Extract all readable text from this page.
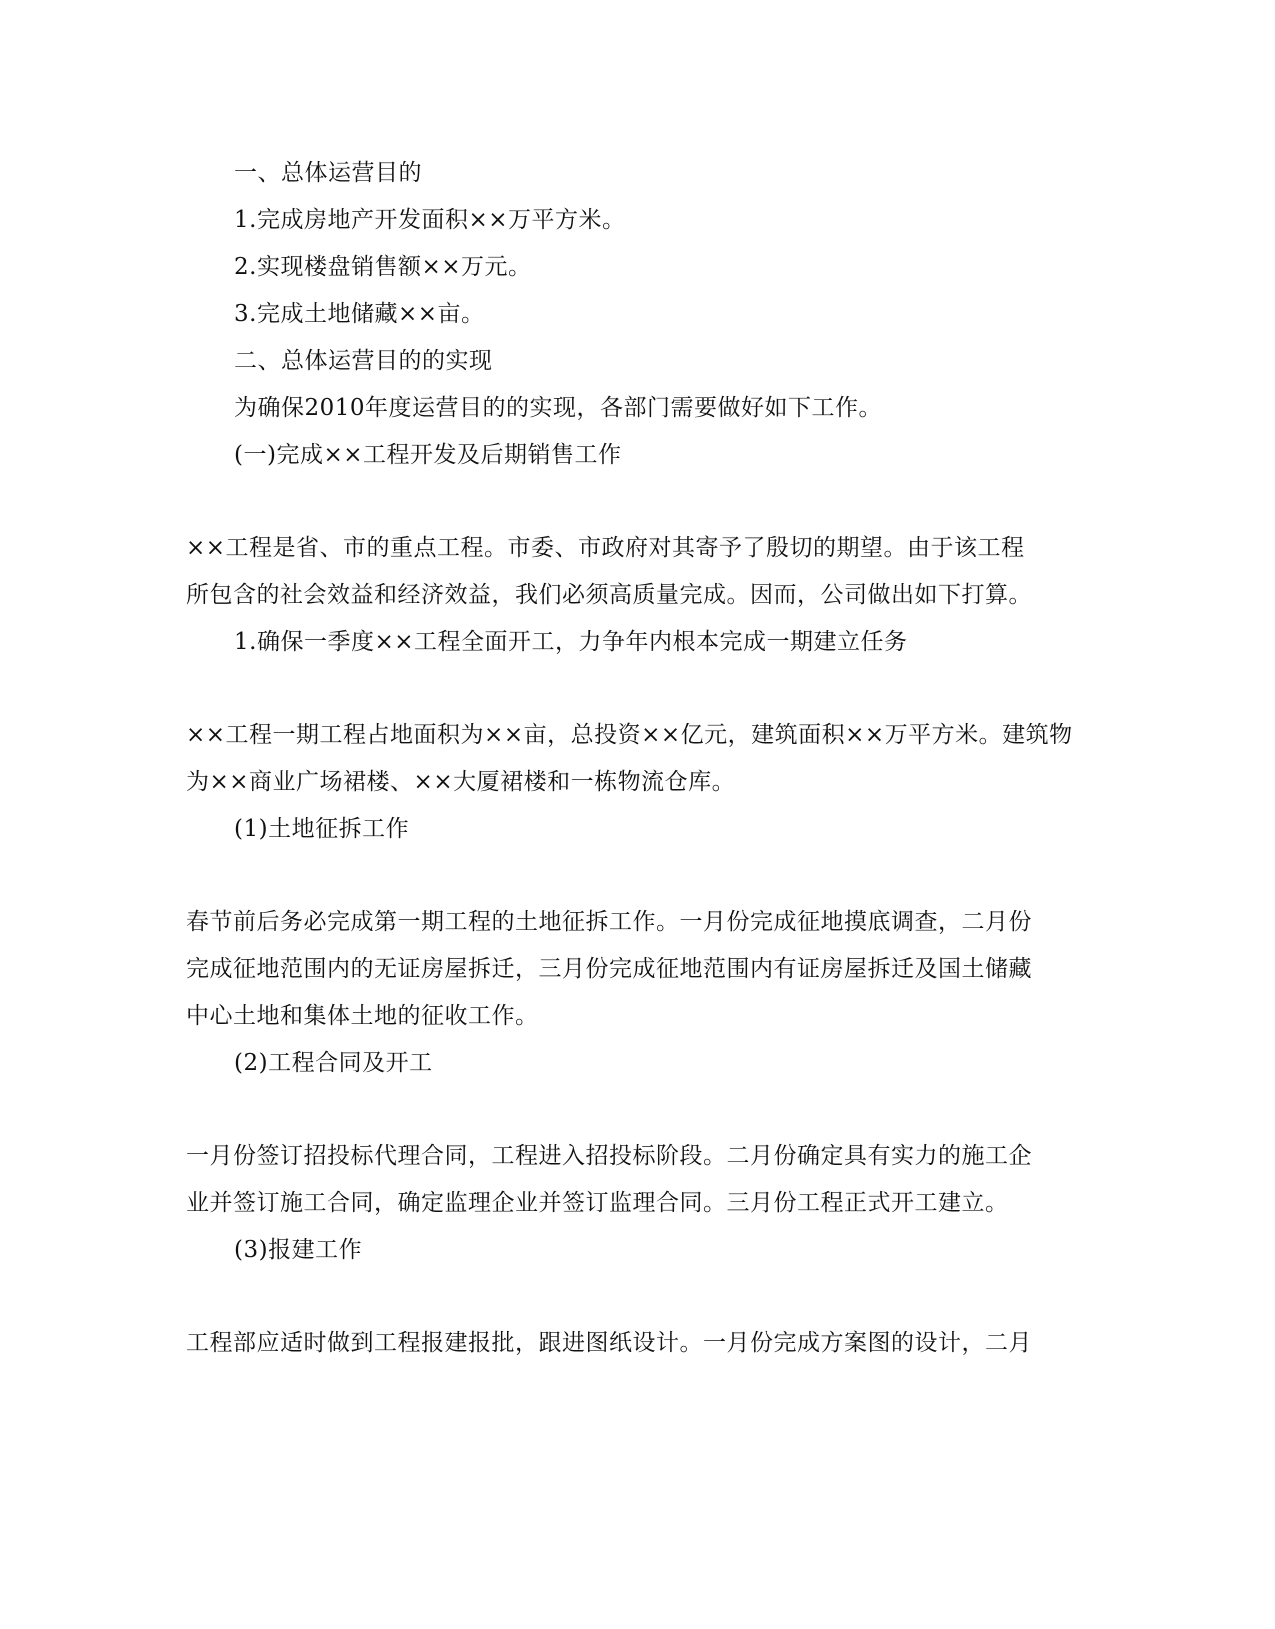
一、总体运营目的
1.完成房地产开发面积××万平方米。
2.实现楼盘销售额××万元。
3.完成土地储藏××亩。
二、总体运营目的的实现
为确保2010年度运营目的的实现，各部门需要做好如下工作。
(一)完成××工程开发及后期销售工作
××工程是省、市的重点工程。市委、市政府对其寄予了殷切的期望。由于该工程
所包含的社会效益和经济效益，我们必须高质量完成。因而，公司做出如下打算。
1.确保一季度××工程全面开工，力争年内根本完成一期建立任务
××工程一期工程占地面积为××亩，总投资××亿元，建筑面积××万平方米。建筑物
为××商业广场裙楼、××大厦裙楼和一栋物流仓库。
(1)土地征拆工作
春节前后务必完成第一期工程的土地征拆工作。一月份完成征地摸底调查，二月份
完成征地范围内的无证房屋拆迁，三月份完成征地范围内有证房屋拆迁及国土储藏
中心土地和集体土地的征收工作。
(2)工程合同及开工
一月份签订招投标代理合同，工程进入招投标阶段。二月份确定具有实力的施工企
业并签订施工合同，确定监理企业并签订监理合同。三月份工程正式开工建立。
(3)报建工作
工程部应适时做到工程报建报批，跟进图纸设计。一月份完成方案图的设计，二月
